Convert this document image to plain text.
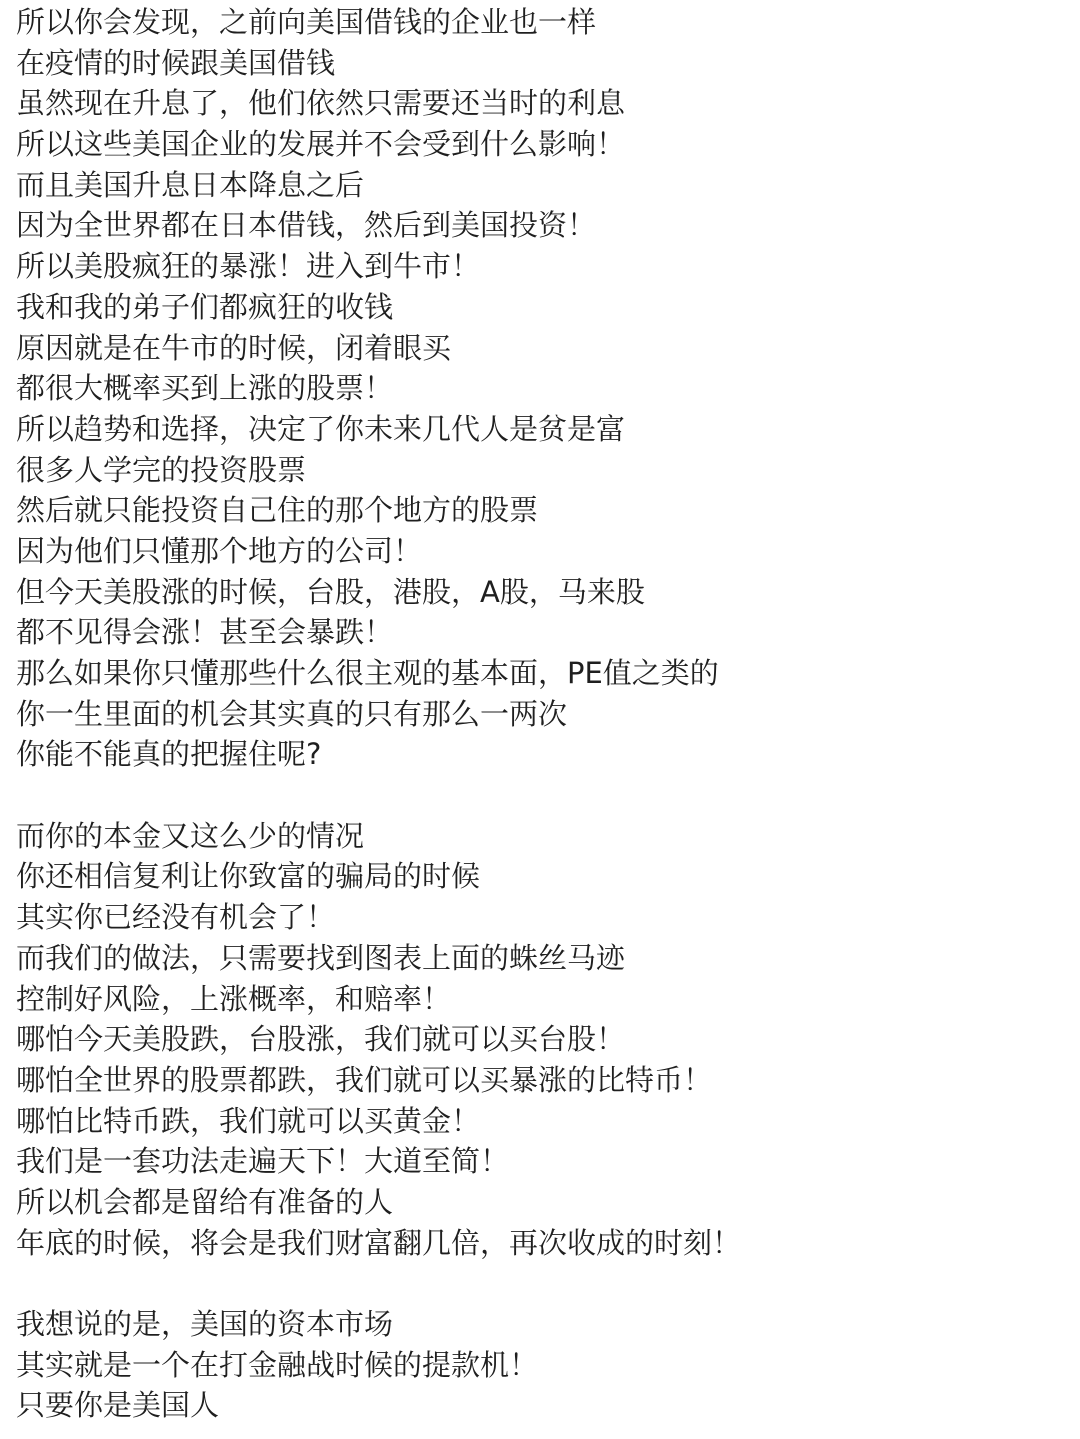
所以你会发现，之前向美国借钱的企业也一样
在疫情的时候跟美国借钱
虽然现在升息了，他们依然只需要还当时的利息
所以这些美国企业的发展并不会受到什么影响！
而且美国升息日本降息之后
因为全世界都在日本借钱，然后到美国投资！
所以美股疯狂的暴涨！进入到牛市！
我和我的弟子们都疯狂的收钱
原因就是在牛市的时候，闭着眼买
都很大概率买到上涨的股票！
所以趋势和选择，决定了你未来几代人是贫是富
很多人学完的投资股票
然后就只能投资自己住的那个地方的股票
因为他们只懂那个地方的公司！
但今天美股涨的时候，台股，港股，A股，马来股
都不见得会涨！甚至会暴跌！
那么如果你只懂那些什么很主观的基本面，PE值之类的
你一生里面的机会其实真的只有那么一两次
你能不能真的把握住呢?
而你的本金又这么少的情况
你还相信复利让你致富的骗局的时候
其实你已经没有机会了！
而我们的做法，只需要找到图表上面的蛛丝马迹
控制好风险，上涨概率，和赔率！
哪怕今天美股跌，台股涨，我们就可以买台股！
哪怕全世界的股票都跌，我们就可以买暴涨的比特币！
哪怕比特币跌，我们就可以买黄金！
我们是一套功法走遍天下！大道至简！
所以机会都是留给有准备的人
年底的时候，将会是我们财富翻几倍，再次收成的时刻！
我想说的是，美国的资本市场
其实就是一个在打金融战时候的提款机！
只要你是美国人
